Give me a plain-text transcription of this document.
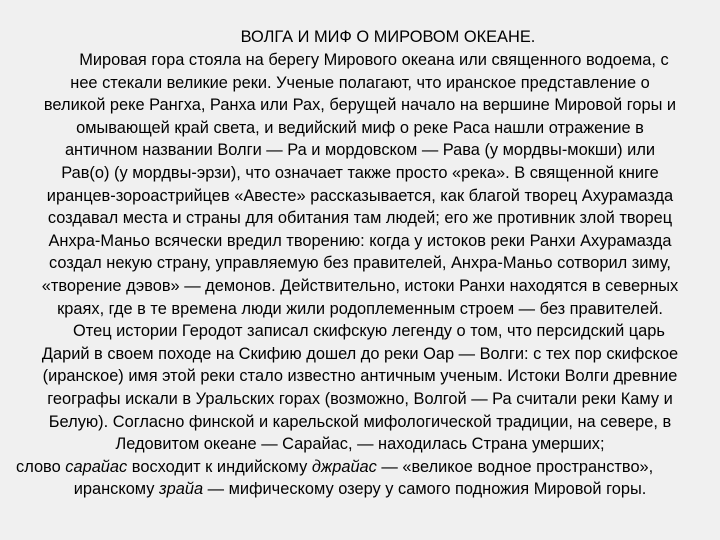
ВОЛГА И МИФ О МИРОВОМ ОКЕАНЕ.
Мировая гора стояла на берегу Мирового океана или священного водоема, с
нее стекали великие реки. Ученые полагают, что иранское представление о
великой реке Рангха, Ранха или Рах, берущей начало на вершине Мировой горы и
омывающей край света, и ведийский миф о реке Раса нашли отражение в
античном названии Волги — Ра и мордовском — Рава (у мордвы-мокши) или
Рав(о) (у мордвы-эрзи), что означает также просто «река». В священной книге
иранцев-зороастрийцев «Авесте» рассказывается, как благой творец Ахурамазда
создавал места и страны для обитания там людей; его же противник злой творец
Анхра-Маньо всячески вредил творению: когда у истоков реки Ранхи Ахурамазда
создал некую страну, управляемую без правителей, Анхра-Маньо сотворил зиму,
«творение дэвов» — демонов. Действительно, истоки Ранхи находятся в северных
краях, где в те времена люди жили родоплеменным строем — без правителей.
Отец истории Геродот записал скифскую легенду о том, что персидский царь
Дарий в своем походе на Скифию дошел до реки Оар — Волги: с тех пор скифское
(иранское) имя этой реки стало известно античным ученым. Истоки Волги древние
географы искали в Уральских горах (возможно, Волгой — Ра считали реки Каму и
Белую). Согласно финской и карельской мифологической традиции, на севере, в
Ледовитом океане — Сарайас, — находилась Страна умерших;
слово сарайас восходит к индийскому джрайас — «великое водное пространство»,
иранскому зрайа — мифическому озеру у самого подножия Мировой горы.
